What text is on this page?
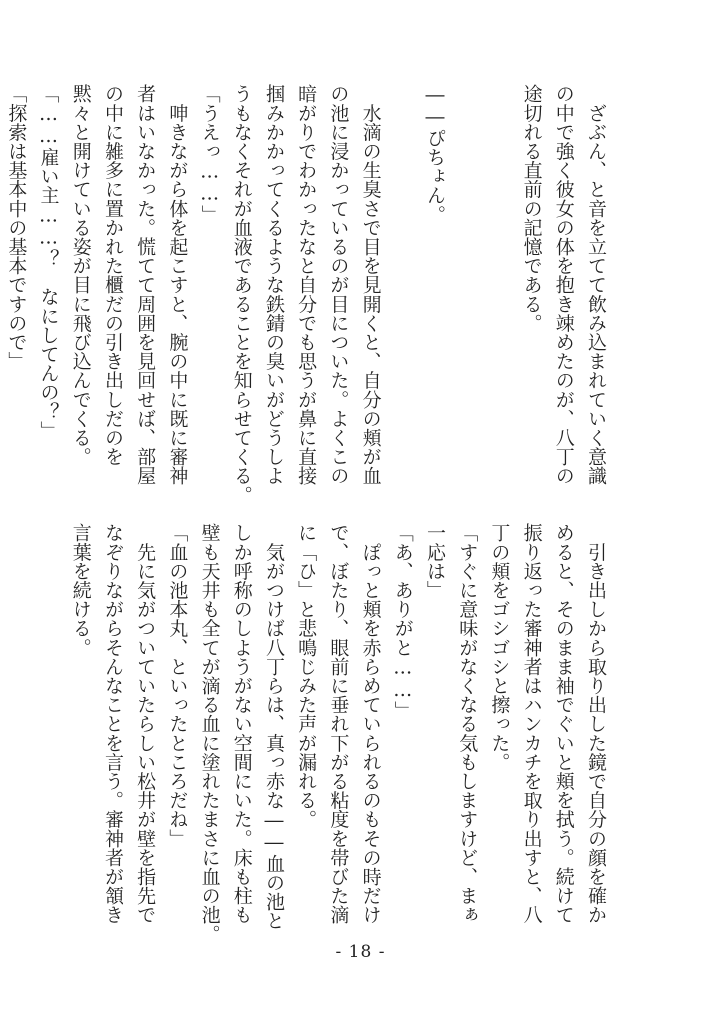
　ざぶん、と音を立てて飲み込まれていく意識
の中で強く彼女の体を抱き竦めたのが、八丁の
途切れる直前の記憶である。

――ぴちょん。

　水滴の生臭さで目を見開くと、自分の頬が血
の池に浸かっているのが目についた。よくこの
暗がりでわかったなと自分でも思うが鼻に直接
掴みかかってくるような鉄錆の臭いがどうしよ
うもなくそれが血液であることを知らせてくる。
「うえっ……」
　呻きながら体を起こすと、腕の中に既に審神
者はいなかった。慌てて周囲を見回せば、部屋
の中に雑多に置かれた櫃だの引き出しだのを
黙々と開けている姿が目に飛び込んでくる。
「……雇い主……？　なにしてんの？」
「探索は基本中の基本ですので」
　引き出しから取り出した鏡で自分の顔を確か
めると、そのまま袖でぐいと頬を拭う。続けて
振り返った審神者はハンカチを取り出すと、八
丁の頬をゴシゴシと擦った。
「すぐに意味がなくなる気もしますけど、まぁ
一応は」
「あ、ありがと……」
　ぽっと頬を赤らめていられるのもその時だけ
で、ぼたり、眼前に垂れ下がる粘度を帯びた滴
に「ひ」と悲鳴じみた声が漏れる。
　気がつけば八丁らは、真っ赤な――血の池と
しか呼称のしようがない空間にいた。床も柱も
壁も天井も全てが滴る血に塗れたまさに血の池。
「血の池本丸、といったところだね」
　先に気がついていたらしい松井が壁を指先で
なぞりながらそんなことを言う。審神者が頷き
言葉を続ける。
- 18 -
